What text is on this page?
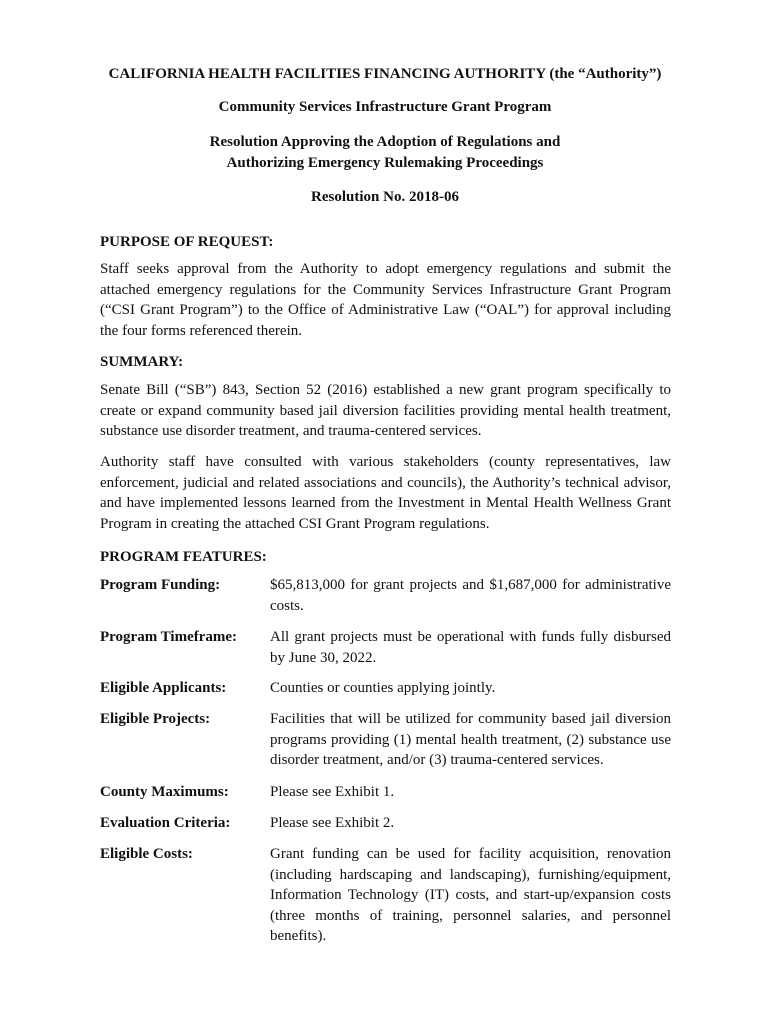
CALIFORNIA HEALTH FACILITIES FINANCING AUTHORITY (the “Authority”)

Community Services Infrastructure Grant Program

Resolution Approving the Adoption of Regulations and

Authorizing Emergency Rulemaking Proceedings

Resolution No. 2018-06

PURPOSE OF REQUEST:

Staff seeks approval from the Authority to adopt emergency regulations and submit the attached emergency regulations for the Community Services Infrastructure Grant Program (“CSI Grant Program”) to the Office of Administrative Law (“OAL”) for approval including the four forms referenced therein.

SUMMARY:

Senate Bill (“SB”) 843, Section 52 (2016) established a new grant program specifically to create or expand community based jail diversion facilities providing mental health treatment, substance use disorder treatment, and trauma-centered services.

Authority staff have consulted with various stakeholders (county representatives, law enforcement, judicial and related associations and councils), the Authority’s technical advisor, and have implemented lessons learned from the Investment in Mental Health Wellness Grant Program in creating the attached CSI Grant Program regulations.

PROGRAM FEATURES:

Program Funding:	$65,813,000 for grant projects and $1,687,000 for administrative costs.
Program Timeframe:	All grant projects must be operational with funds fully disbursed by June 30, 2022.
Eligible Applicants:	Counties or counties applying jointly.
Eligible Projects:	Facilities that will be utilized for community based jail diversion programs providing (1) mental health treatment, (2) substance use disorder treatment, and/or (3) trauma-centered services.
County Maximums:	Please see Exhibit 1.
Evaluation Criteria:	Please see Exhibit 2.
Eligible Costs:	Grant funding can be used for facility acquisition, renovation (including hardscaping and landscaping), furnishing/equipment, Information Technology (IT) costs, and start-up/expansion costs (three months of training, personnel salaries, and personnel benefits).
